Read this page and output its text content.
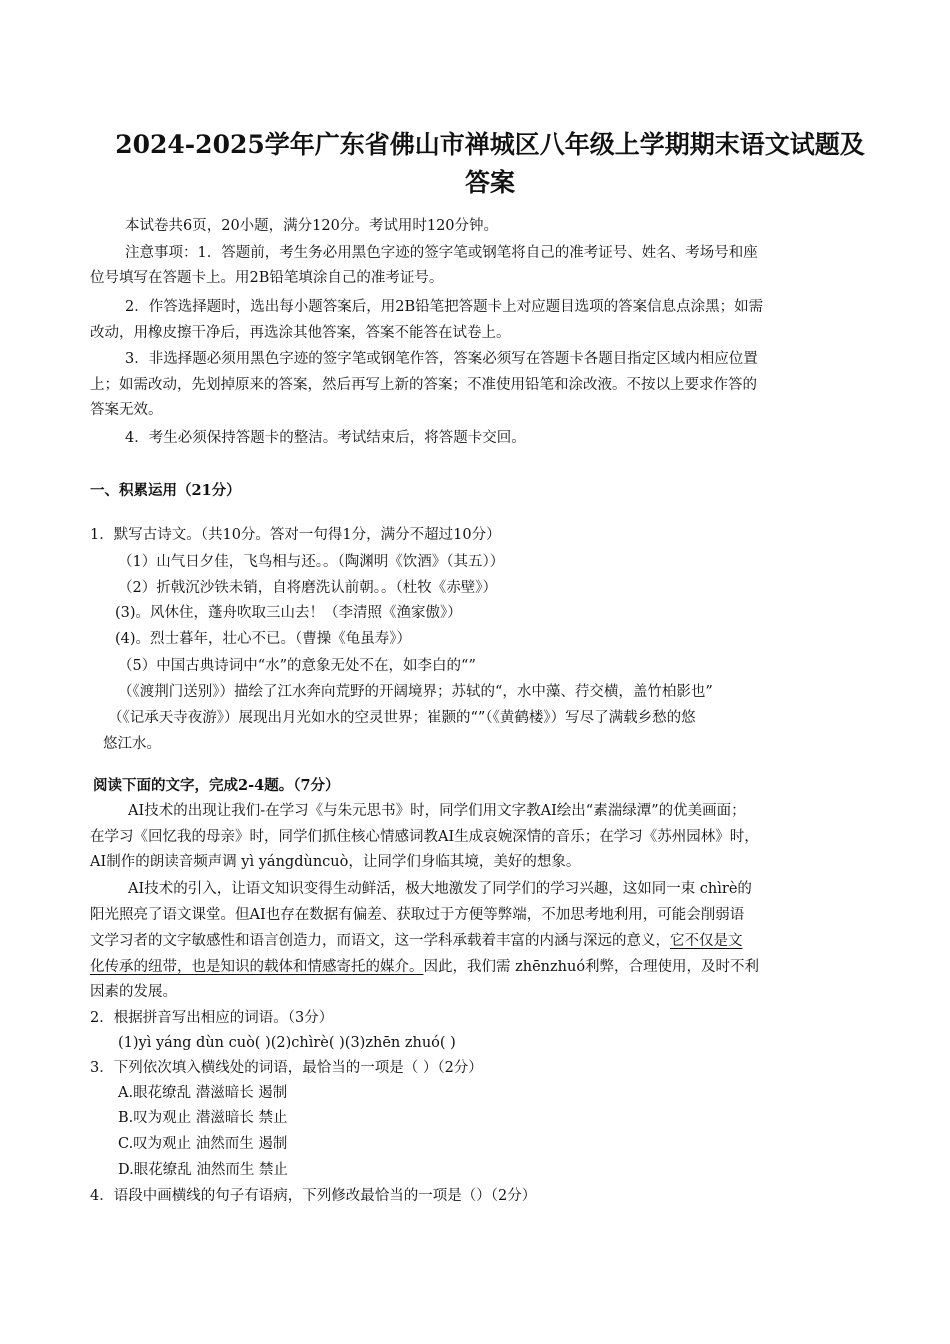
2024-2025学年广东省佛山市禅城区八年级上学期期末语文试题及
答案
本试卷共6页，20小题，满分120分。考试用时120分钟。
注意事项：1．答题前，考生务必用黑色字迹的签字笔或钢笔将自己的准考证号、姓名、考场号和座
位号填写在答题卡上。用2B铅笔填涂自己的准考证号。
2．作答选择题时，选出每小题答案后，用2B铅笔把答题卡上对应题目选项的答案信息点涂黑；如需
改动，用橡皮擦干净后，再选涂其他答案，答案不能答在试卷上。
3．非选择题必须用黑色字迹的签字笔或钢笔作答，答案必须写在答题卡各题目指定区域内相应位置
上；如需改动，先划掉原来的答案，然后再写上新的答案；不准使用铅笔和涂改液。不按以上要求作答的
答案无效。
4．考生必须保持答题卡的整洁。考试结束后，将答题卡交回。
一、积累运用（21分）
1．默写古诗文。（共10分。答对一句得1分，满分不超过10分）
（1）山气日夕佳，飞鸟相与还。。（陶渊明《饮酒》（其五））
（2）折戟沉沙铁未销，自将磨洗认前朝。。（杜牧《赤壁》）
(3)。风休住，蓬舟吹取三山去！（李清照《渔家傲》）
(4)。烈士暮年，壮心不已。（曹操《龟虽寿》）
（5）中国古典诗词中“水”的意象无处不在，如李白的“”
（《渡荆门送别》）描绘了江水奔向荒野的开阔境界；苏轼的“，水中藻、荇交横，盖竹柏影也”
（《记承天寺夜游》）展现出月光如水的空灵世界；崔颢的“”（《黄鹤楼》）写尽了满载乡愁的悠
悠江水。
阅读下面的文字，完成2-4题。（7分）
AI技术的出现让我们-在学习《与朱元思书》时，同学们用文字教AI绘出“素湍绿潭”的优美画面；
在学习《回忆我的母亲》时，同学们抓住核心情感词教AI生成哀婉深情的音乐；在学习《苏州园林》时，
AI制作的朗读音频声调 yì yángdùncuò，让同学们身临其境，美好的想象。
AI技术的引入，让语文知识变得生动鲜活，极大地激发了同学们的学习兴趣，这如同一束 chìrè的
阳光照亮了语文课堂。但AI也存在数据有偏差、获取过于方便等弊端，不加思考地利用，可能会削弱语
文学习者的文字敏感性和语言创造力，而语文，这一学科承载着丰富的内涵与深远的意义，它不仅是文
化传承的纽带，也是知识的载体和情感寄托的媒介。因此，我们需 zhēnzhuó利弊，合理使用，及时不利
因素的发展。
2．根据拼音写出相应的词语。（3分）
(1)yì yáng dùn cuò( )(2)chìrè( )(3)zhēn zhuó( )
3．下列依次填入横线处的词语，最恰当的一项是（ ）（2分）
A.眼花缭乱 潜滋暗长 遏制
B.叹为观止 潜滋暗长 禁止
C.叹为观止 油然而生 遏制
D.眼花缭乱 油然而生 禁止
4．语段中画横线的句子有语病，下列修改最恰当的一项是（）（2分）
